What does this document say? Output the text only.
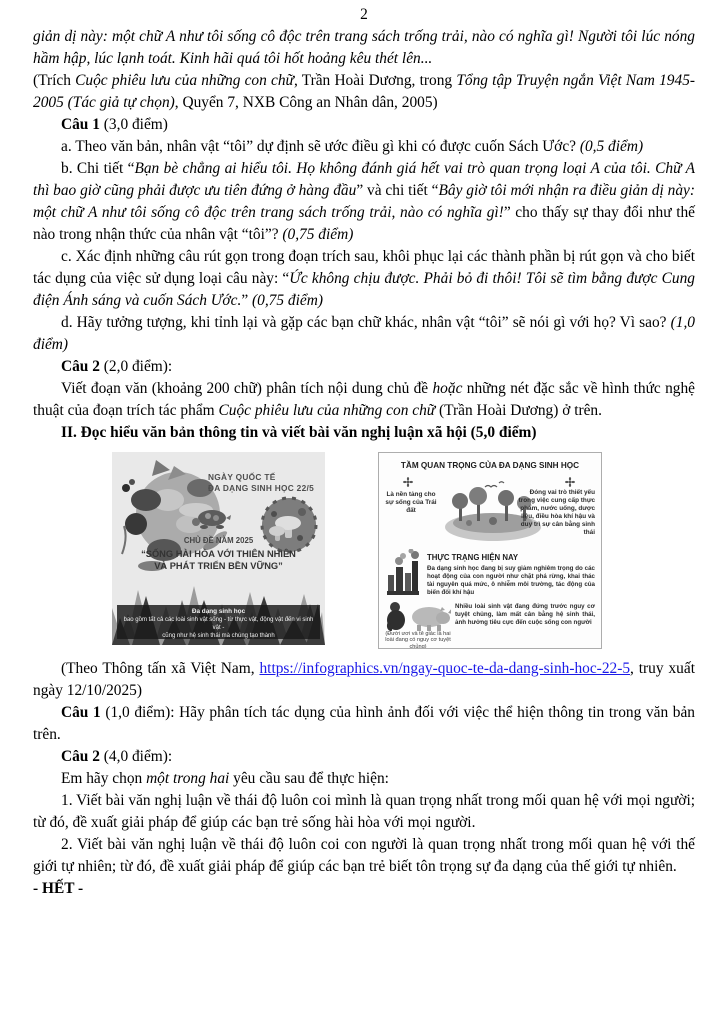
2

giản dị này: một chữ A như tôi sống cô độc trên trang sách trống trải, nào có nghĩa gì! Người tôi lúc nóng hầm hập, lúc lạnh toát. Kinh hãi quá tôi hốt hoảng kêu thét lên...

(Trích Cuộc phiêu lưu của những con chữ, Trần Hoài Dương, trong Tổng tập Truyện ngắn Việt Nam 1945-2005 (Tác giả tự chọn), Quyển 7, NXB Công an Nhân dân, 2005)

Câu 1 (3,0 điểm)

a. Theo văn bản, nhân vật “tôi” dự định sẽ ước điều gì khi có được cuốn Sách Ước? (0,5 điểm)

b. Chi tiết “Bạn bè chẳng ai hiểu tôi. Họ không đánh giá hết vai trò quan trọng loại A của tôi. Chữ A thì bao giờ cũng phải được ưu tiên đứng ở hàng đầu” và chi tiết “Bây giờ tôi mới nhận ra điều giản dị này: một chữ A như tôi sống cô độc trên trang sách trống trải, nào có nghĩa gì!” cho thấy sự thay đổi như thế nào trong nhận thức của nhân vật “tôi”? (0,75 điểm)

c. Xác định những câu rút gọn trong đoạn trích sau, khôi phục lại các thành phần bị rút gọn và cho biết tác dụng của việc sử dụng loại câu này: “Ức không chịu được. Phải bỏ đi thôi! Tôi sẽ tìm bằng được Cung điện Ánh sáng và cuốn Sách Ước.” (0,75 điểm)

d. Hãy tưởng tượng, khi tỉnh lại và gặp các bạn chữ khác, nhân vật “tôi” sẽ nói gì với họ? Vì sao? (1,0 điểm)

Câu 2 (2,0 điểm):

Viết đoạn văn (khoảng 200 chữ) phân tích nội dung chủ đề hoặc những nét đặc sắc về hình thức nghệ thuật của đoạn trích tác phẩm Cuộc phiêu lưu của những con chữ (Trần Hoài Dương) ở trên.

II. Đọc hiểu văn bản thông tin và viết bài văn nghị luận xã hội (5,0 điểm)

NGÀY QUỐC TẾ
ĐA DẠNG SINH HỌC 22/5
CHỦ ĐỀ NĂM 2025
“SỐNG HÀI HÒA VỚI THIÊN NHIÊN
VÀ PHÁT TRIỂN BỀN VỮNG”
Đa dạng sinh học
bao gồm tất cả các loài sinh vật sống - từ thực vật, động vật đến vi sinh vật -
cũng như hệ sinh thái mà chúng tạo thành
TẦM QUAN TRỌNG CỦA ĐA DẠNG SINH HỌC
Là nền tảng cho sự sống của Trái đất
Đóng vai trò thiết yếu trong việc cung cấp thực phẩm, nước uống, dược liệu, điều hòa khí hậu và duy trì sự cân bằng sinh thái
THỰC TRẠNG HIỆN NAY
Đa dạng sinh học đang bị suy giảm nghiêm trọng do các hoạt động của con người như chặt phá rừng, khai thác tài nguyên quá mức, ô nhiễm môi trường, tác động của biến đổi khí hậu
Nhiều loài sinh vật đang đứng trước nguy cơ tuyệt chủng, làm mất cân bằng hệ sinh thái, ảnh hưởng tiêu cực đến cuộc sống con người
(Đười ươi và tê giác là hai loài đang có nguy cơ tuyệt chủng)

(Theo Thông tấn xã Việt Nam, https://infographics.vn/ngay-quoc-te-da-dang-sinh-hoc-22-5, truy xuất ngày 12/10/2025)

Câu 1 (1,0 điểm): Hãy phân tích tác dụng của hình ảnh đối với việc thể hiện thông tin trong văn bản trên.

Câu 2 (4,0 điểm):

Em hãy chọn một trong hai yêu cầu sau để thực hiện:

1. Viết bài văn nghị luận về thái độ luôn coi mình là quan trọng nhất trong mối quan hệ với mọi người; từ đó, đề xuất giải pháp để giúp các bạn trẻ sống hài hòa với mọi người.

2. Viết bài văn nghị luận về thái độ luôn coi con người là quan trọng nhất trong mối quan hệ với thế giới tự nhiên; từ đó, đề xuất giải pháp để giúp các bạn trẻ biết tôn trọng sự đa dạng của thế giới tự nhiên.

- HẾT -
